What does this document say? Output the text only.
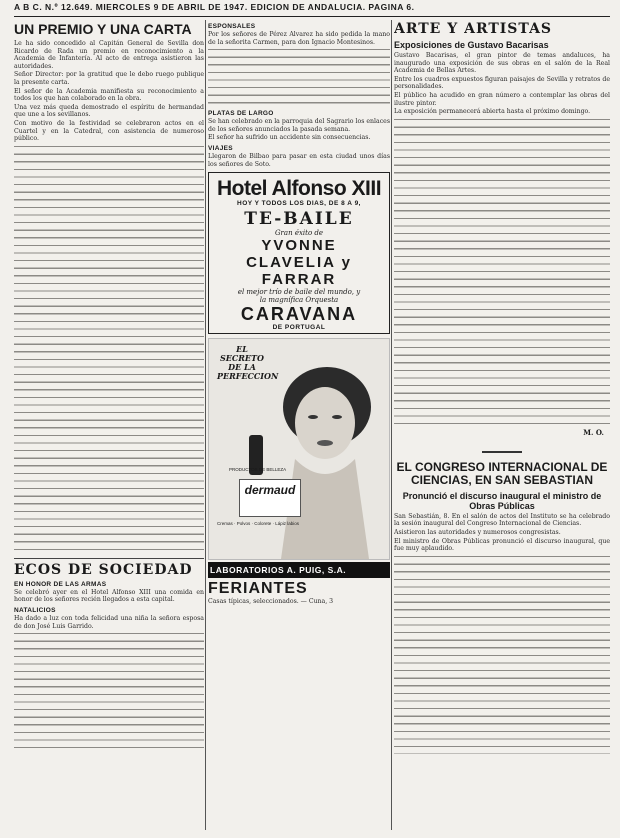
A B C. N.º 12.649. MIERCOLES 9 DE ABRIL DE 1947. EDICION DE ANDALUCIA. PAGINA 6.
UN PREMIO Y UNA CARTA
Le ha sido concedido al Capitán General de Sevilla don Ricardo de Rada un premio en reconocimiento a la Academia de Infantería. Al acto de entrega asistieron las autoridades.
Señor Director: por la gratitud que le debo ruego publique la presente carta.
El señor de la Academia manifiesta su reconocimiento a todos los que han colaborado en la obra.
Una vez más queda demostrado el espíritu de hermandad que une a los sevillanos.
Con motivo de la festividad se celebraron actos en el Cuartel y en la Catedral, con asistencia de numeroso público.
ECOS DE SOCIEDAD
EN HONOR DE LAS ARMAS
Se celebró ayer en el Hotel Alfonso XIII una comida en honor de los señores recién llegados a esta capital.
NATALICIOS
Ha dado a luz con toda felicidad una niña la señora esposa de don José Luis Garrido.
ESPONSALES
Por los señores de Pérez Alvarez ha sido pedida la mano de la señorita Carmen, para don Ignacio Montesinos.
PLATAS DE LARGO
Se han celebrado en la parroquia del Sagrario los enlaces de los señores anunciados la pasada semana.
El señor ha sufrido un accidente sin consecuencias.
VIAJES
Llegaron de Bilbao para pasar en esta ciudad unos días los señores de Soto.
Hotel Alfonso XIII
HOY Y TODOS LOS DIAS, DE 8 A 9,
TE-BAILE
Gran éxito de
YVONNE
CLAVELIA y
FARRAR
el mejor trío de baile del mundo, y
la magnífica Orquesta
CARAVANA
DE PORTUGAL
EL SECRETO DE LA PERFECCION
PRODUCTOS DE BELLEZA
dermaud
Cremas · Polvos · Colorete · Lápiz labios
LABORATORIOS A. PUIG, S.A.
FERIANTES
Casas típicas, seleccionados. — Cuna, 3
ARTE Y ARTISTAS
Exposiciones de Gustavo Bacarisas
Gustavo Bacarisas, el gran pintor de temas andaluces, ha inaugurado una exposición de sus obras en el salón de la Real Academia de Bellas Artes.
Entre los cuadros expuestos figuran paisajes de Sevilla y retratos de personalidades.
El público ha acudido en gran número a contemplar las obras del ilustre pintor.
La exposición permanecerá abierta hasta el próximo domingo.
M. O.
EL CONGRESO INTERNACIONAL DE CIENCIAS, EN SAN SEBASTIAN
Pronunció el discurso inaugural el ministro de Obras Públicas
San Sebastián, 8. En el salón de actos del Instituto se ha celebrado la sesión inaugural del Congreso Internacional de Ciencias.
Asistieron las autoridades y numerosos congresistas.
El ministro de Obras Públicas pronunció el discurso inaugural, que fue muy aplaudido.
